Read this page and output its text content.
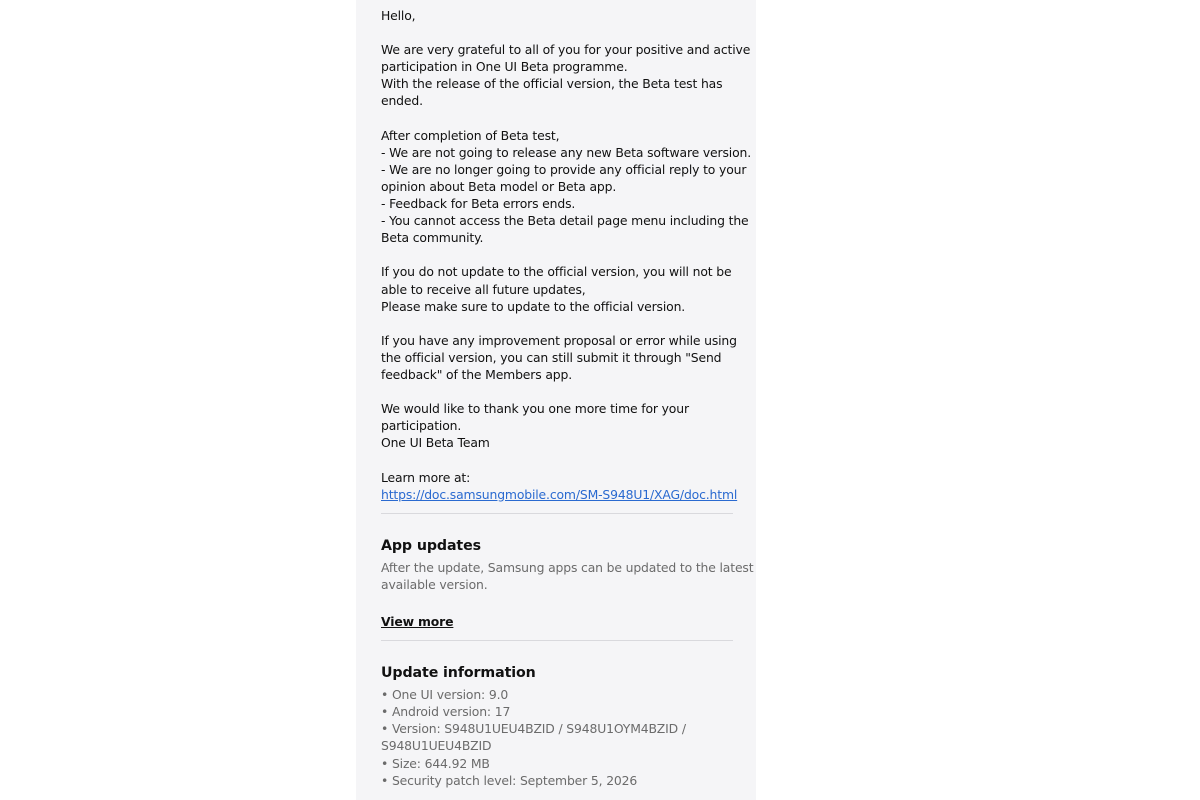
Hello,
We are very grateful to all of you for your positive and active
participation in One UI Beta programme.
With the release of the official version, the Beta test has
ended.
After completion of Beta test,
- We are not going to release any new Beta software version.
- We are no longer going to provide any official reply to your
opinion about Beta model or Beta app.
- Feedback for Beta errors ends.
- You cannot access the Beta detail page menu including the
Beta community.
If you do not update to the official version, you will not be
able to receive all future updates,
Please make sure to update to the official version.
If you have any improvement proposal or error while using
the official version, you can still submit it through "Send
feedback" of the Members app.
We would like to thank you one more time for your
participation.
One UI Beta Team
Learn more at:
https://doc.samsungmobile.com/SM-S948U1/XAG/doc.html
App updates
After the update, Samsung apps can be updated to the latest
available version.
View more
Update information
• One UI version: 9.0
• Android version: 17
• Version: S948U1UEU4BZID / S948U1OYM4BZID /
S948U1UEU4BZID
• Size: 644.92 MB
• Security patch level: September 5, 2026
